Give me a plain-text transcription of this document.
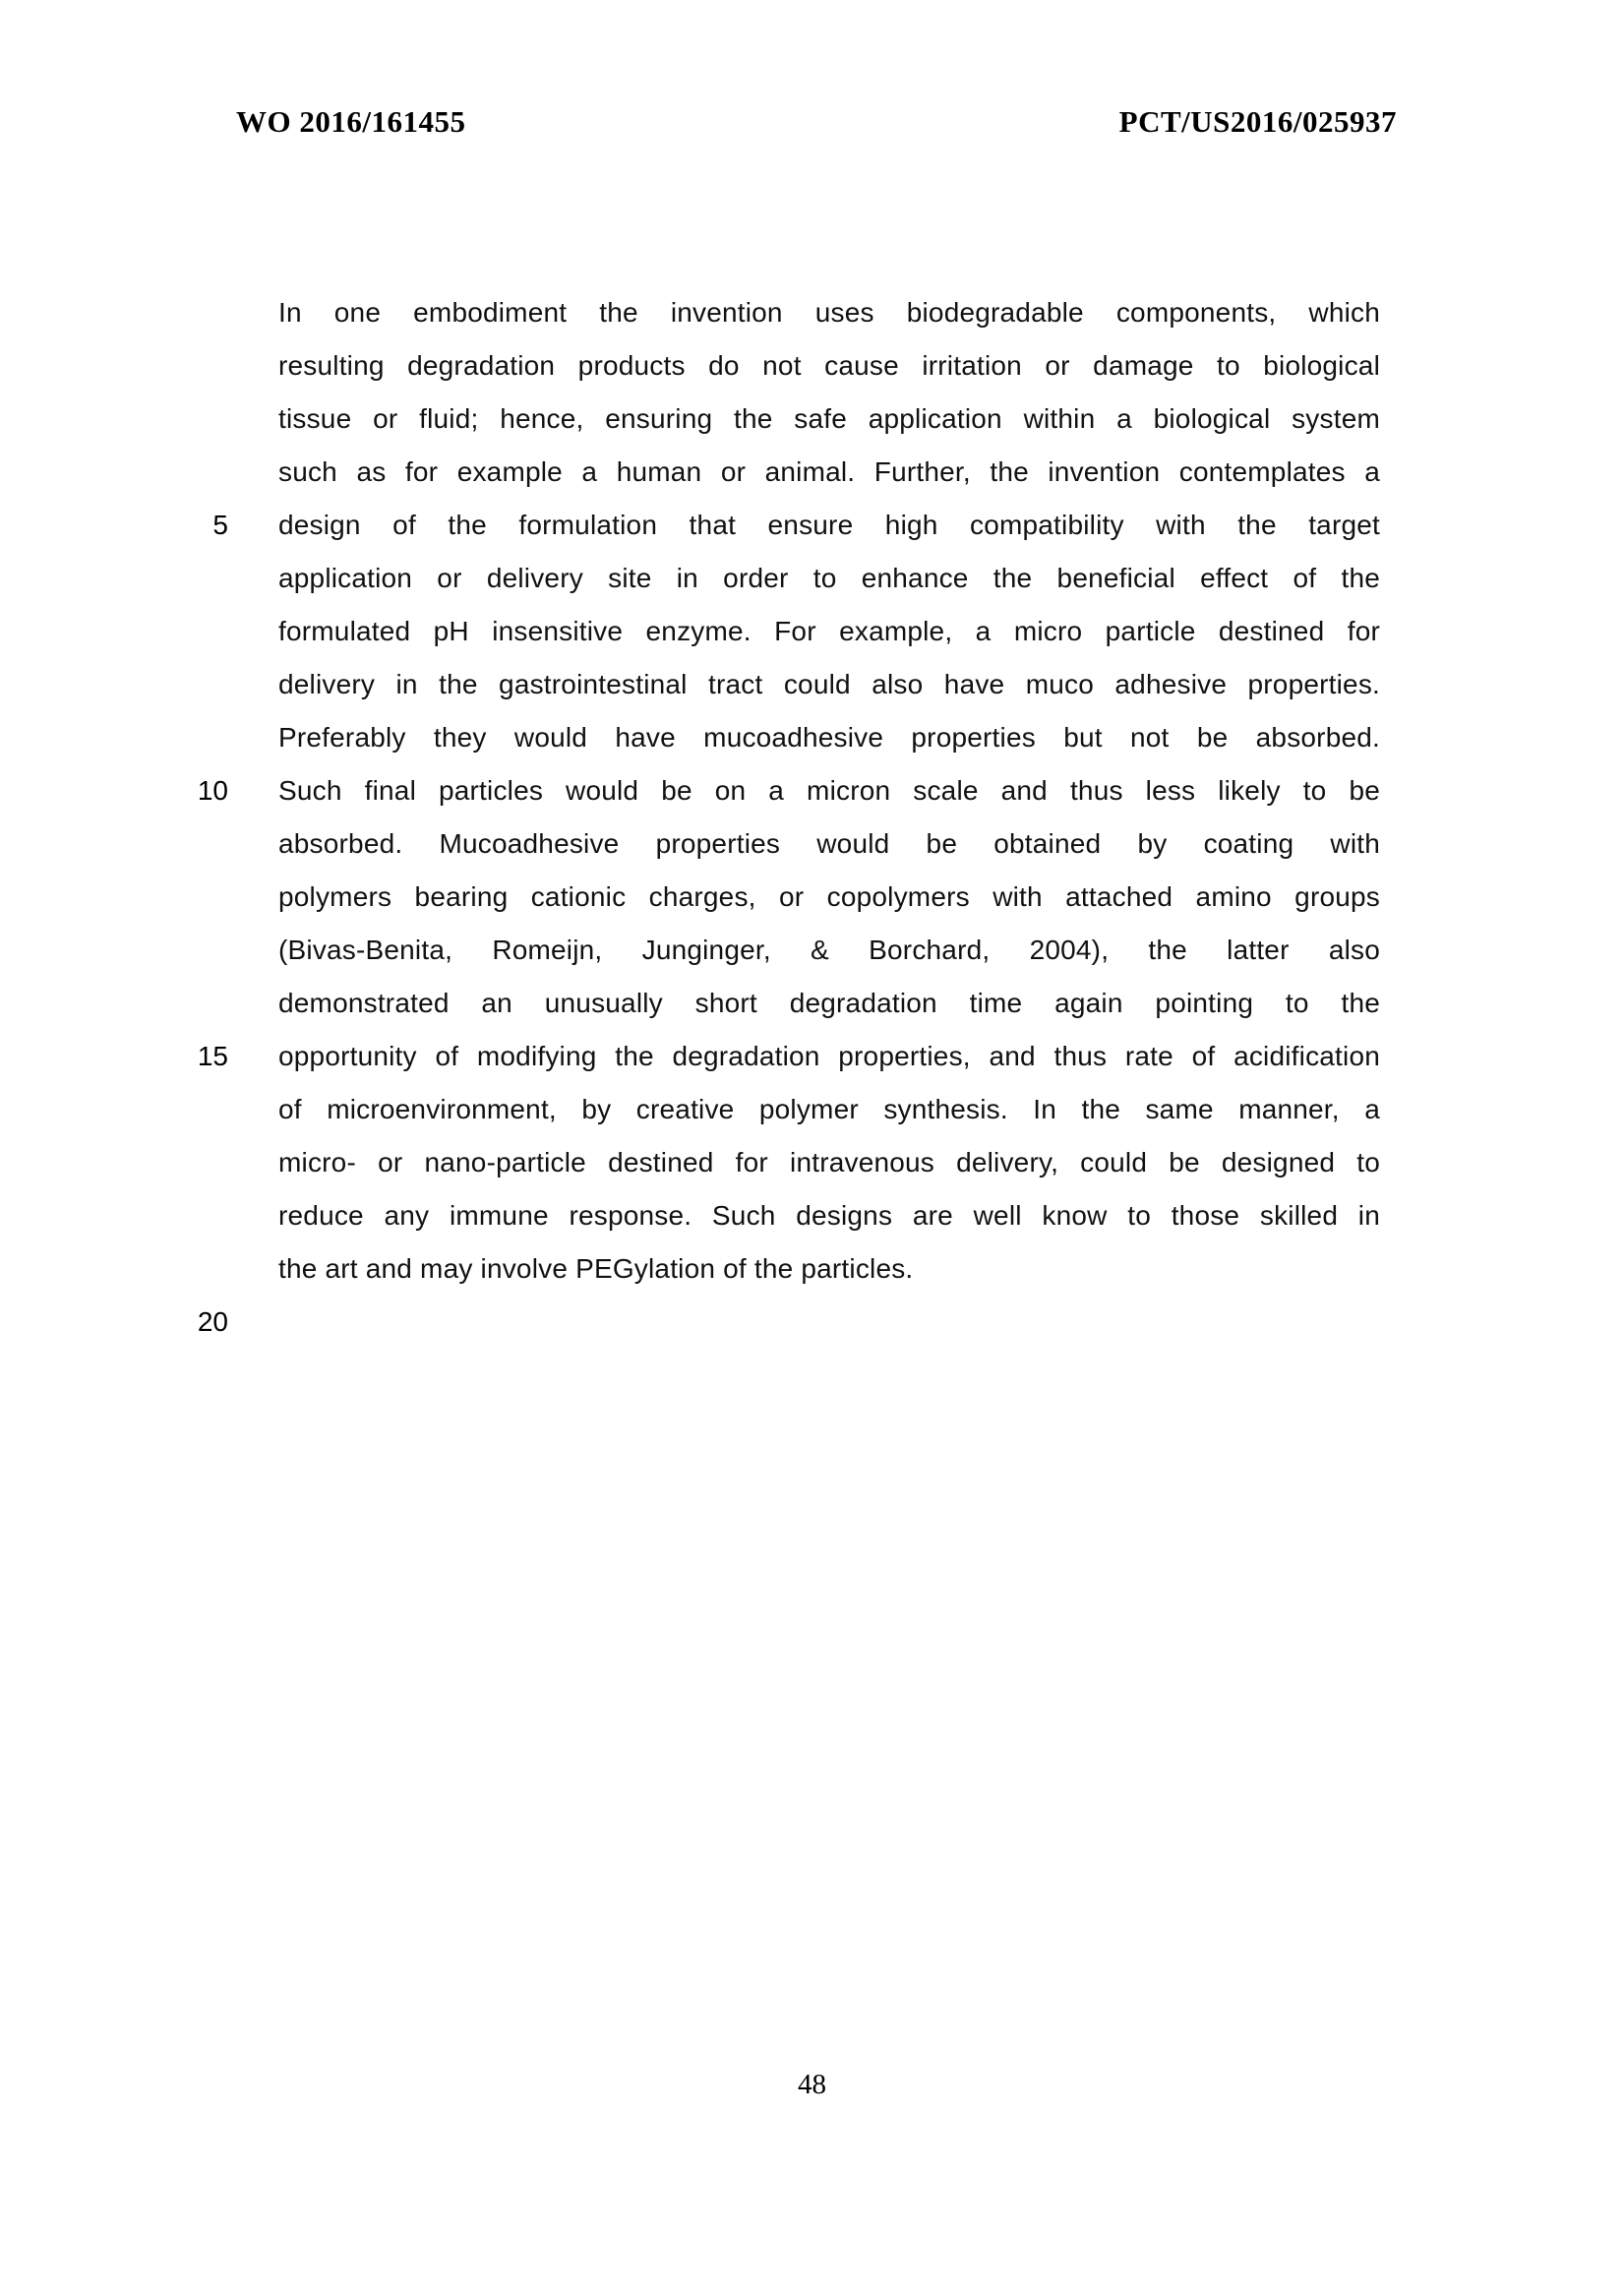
WO 2016/161455	PCT/US2016/025937
In one embodiment the invention uses biodegradable components, which
resulting degradation products do not cause irritation or damage to biological
tissue or fluid; hence, ensuring the safe application within a biological system
such as for example a human or animal. Further, the invention contemplates a
5 design of the formulation that ensure high compatibility with the target
application or delivery site in order to enhance the beneficial effect of the
formulated pH insensitive enzyme. For example, a micro particle destined for
delivery in the gastrointestinal tract could also have muco adhesive properties.
Preferably they would have mucoadhesive properties but not be absorbed.
10 Such final particles would be on a micron scale and thus less likely to be
absorbed. Mucoadhesive properties would be obtained by coating with
polymers bearing cationic charges, or copolymers with attached amino groups
(Bivas-Benita, Romeijn, Junginger, & Borchard, 2004), the latter also
demonstrated an unusually short degradation time again pointing to the
15 opportunity of modifying the degradation properties, and thus rate of acidification
of microenvironment, by creative polymer synthesis. In the same manner, a
micro- or nano-particle destined for intravenous delivery, could be designed to
reduce any immune response. Such designs are well know to those skilled in
the art and may involve PEGylation of the particles.
20
48
